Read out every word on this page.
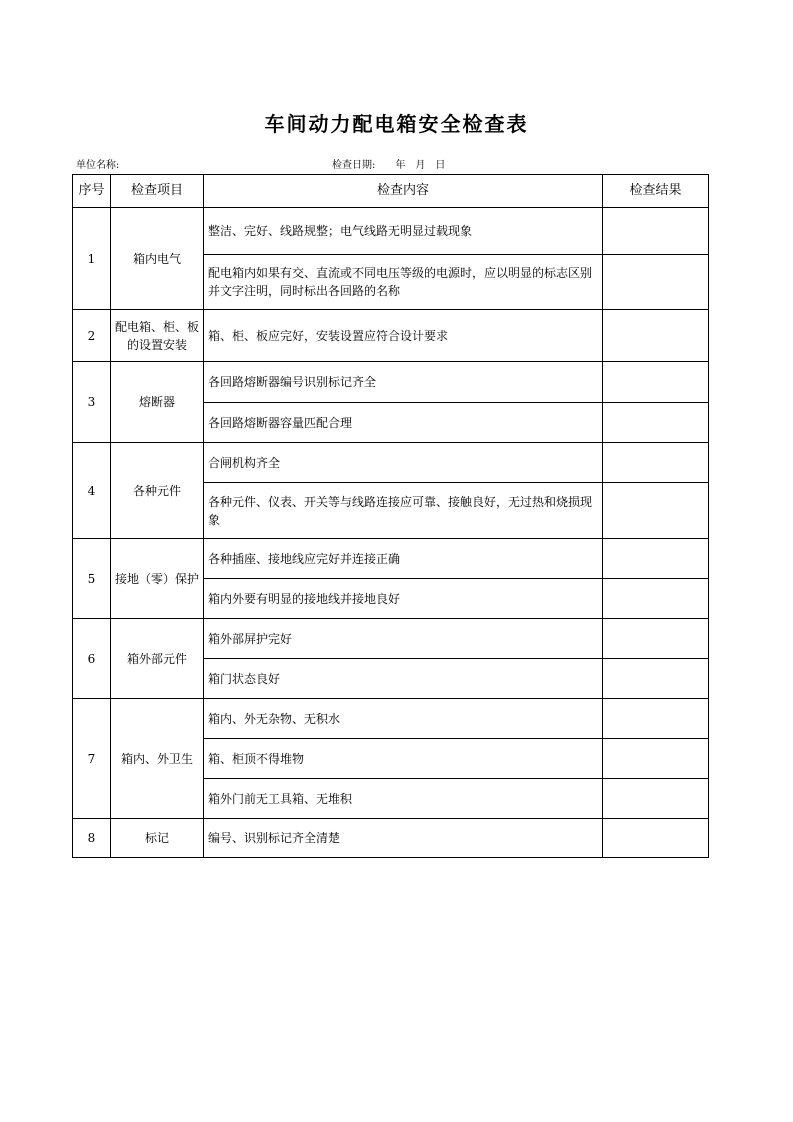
车间动力配电箱安全检查表
单位名称:	检查日期:　　年　月　日
序号	检查项目	检查内容	检查结果
1	箱内电气	整洁、完好、线路规整；电气线路无明显过载现象	
		配电箱内如果有交、直流或不同电压等级的电源时，应以明显的标志区别并文字注明，同时标出各回路的名称	
2	配电箱、柜、板的设置安装	箱、柜、板应完好，安装设置应符合设计要求	
3	熔断器	各回路熔断器编号识别标记齐全	
		各回路熔断器容量匹配合理	
4	各种元件	合闸机构齐全	
		各种元件、仪表、开关等与线路连接应可靠、接触良好，无过热和烧损现象	
5	接地（零）保护	各种插座、接地线应完好并连接正确	
		箱内外要有明显的接地线并接地良好	
6	箱外部元件	箱外部屏护完好	
		箱门状态良好	
7	箱内、外卫生	箱内、外无杂物、无积水	
		箱、柜顶不得堆物	
		箱外门前无工具箱、无堆积	
8	标记	编号、识别标记齐全清楚	
